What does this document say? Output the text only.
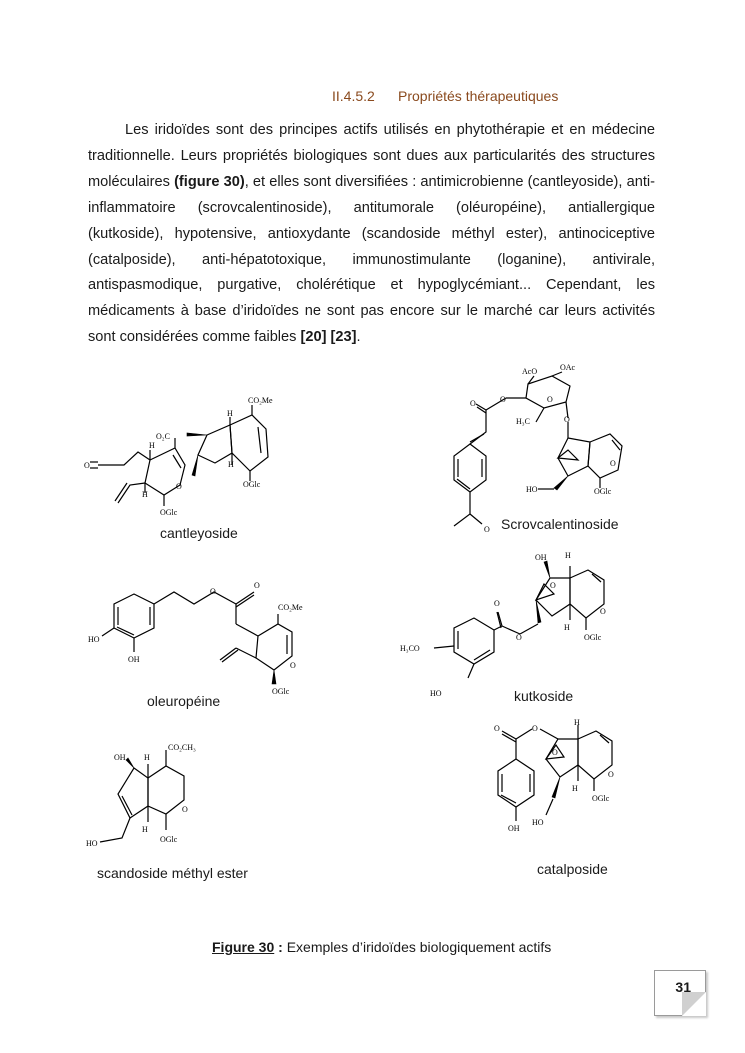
II.4.5.2 Propriétés thérapeutiques

Les iridoïdes sont des principes actifs utilisés en phytothérapie et en médecine traditionnelle. Leurs propriétés biologiques sont dues aux particularités des structures moléculaires (figure 30), et elles sont diversifiées : antimicrobienne (cantleyoside), anti-inflammatoire (scrovcalentinoside), antitumorale (oléuropéine), antiallergique (kutkoside), hypotensive, antioxydante (scandoside méthyl ester), antinociceptive (catalposide), anti-hépatotoxique, immunostimulante (loganine), antivirale, antispasmodique, purgative, cholérétique et hypoglycémiant... Cependant, les médicaments à base d’iridoïdes ne sont pas encore sur le marché car leurs activités sont considérées comme faibles [20] [23].

CO₂Me
O₂C
H
H
H
H
O
O
OGlc
OGlc
cantleyoside
AcO	OAc
O
O
O
H₃C	O
O
HO	OGlc
O Scrovcalentinoside
O
O
CO₂Me
HO
OH
O
OGlc
oleuropéine
OH H
O
O
H
OGlc
O
O
H₃CO
HO	kutkoside
OH H
CO₂CH₃
O
HO
H
OGlc
scandoside méthyl ester
O	O
H
O
O
H
OGlc
HO
OH
catalposide
Figure 30 : Exemples d’iridoïdes biologiquement actifs
31
